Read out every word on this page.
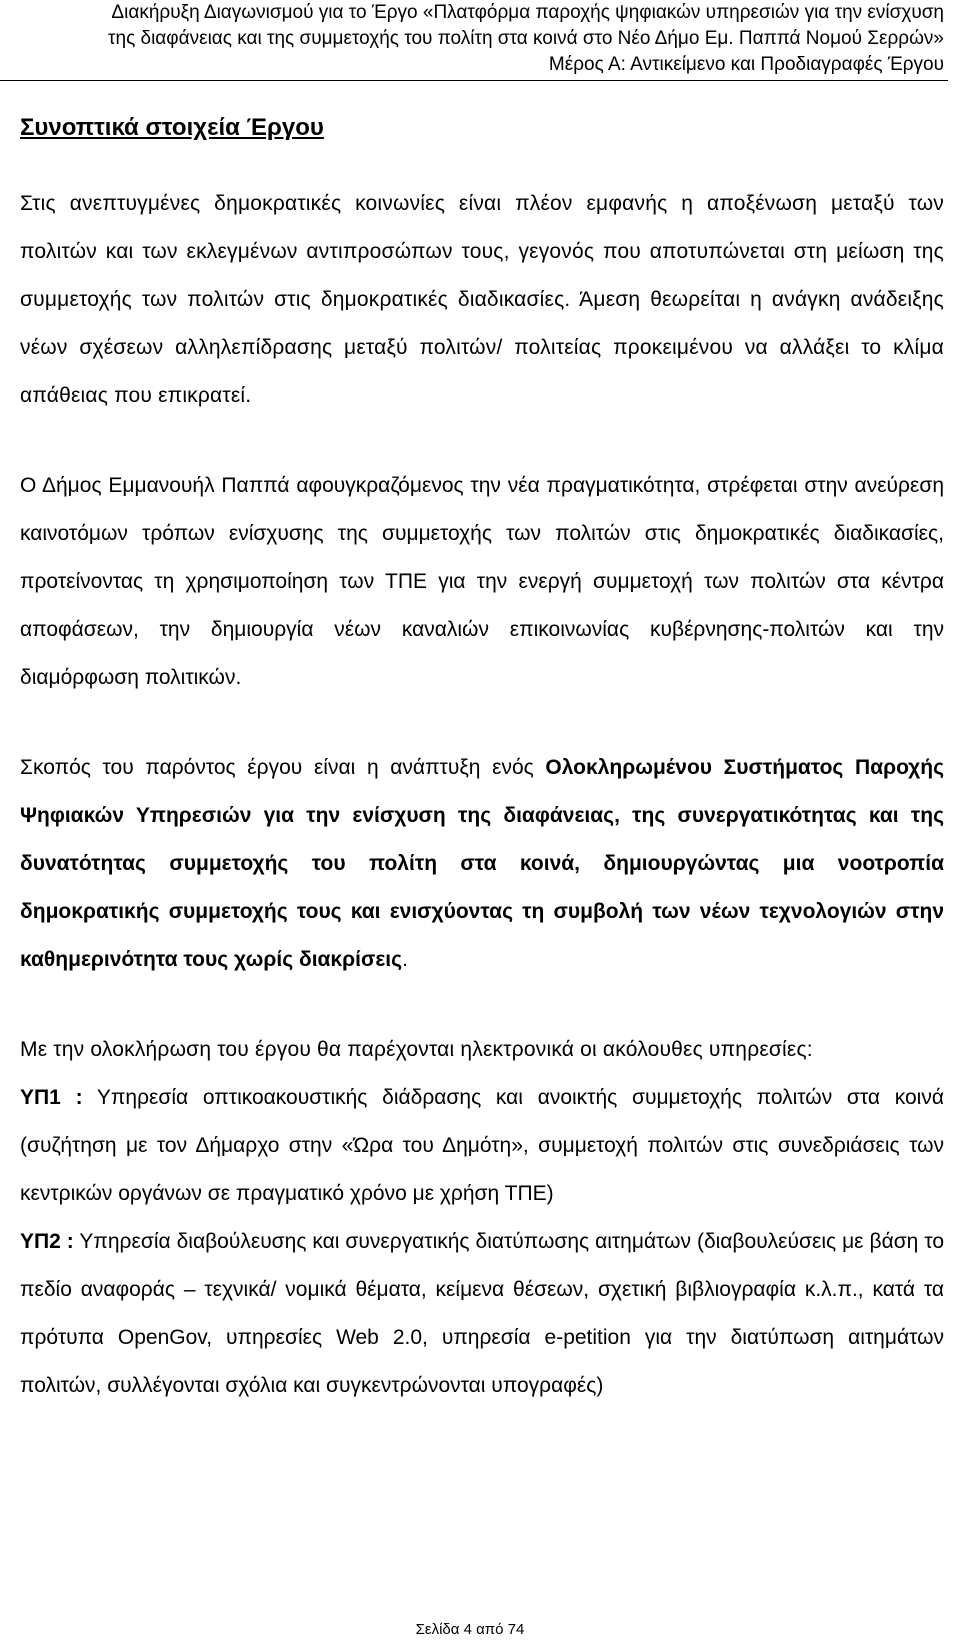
Διακήρυξη Διαγωνισμού για το Έργο «Πλατφόρμα παροχής ψηφιακών υπηρεσιών για την ενίσχυση
της διαφάνειας και της συμμετοχής του πολίτη στα κοινά στο Νέο Δήμο Εμ. Παππά Νομού Σερρών»
Μέρος Α: Αντικείμενο και Προδιαγραφές Έργου
Συνοπτικά στοιχεία Έργου

Στις ανεπτυγμένες δημοκρατικές κοινωνίες είναι πλέον εμφανής η αποξένωση μεταξύ των πολιτών και των εκλεγμένων αντιπροσώπων τους, γεγονός που αποτυπώνεται στη μείωση της συμμετοχής των πολιτών στις δημοκρατικές διαδικασίες. Άμεση θεωρείται η ανάγκη ανάδειξης νέων σχέσεων αλληλεπίδρασης μεταξύ πολιτών/ πολιτείας προκειμένου να αλλάξει το κλίμα απάθειας που επικρατεί.

Ο Δήμος Εμμανουήλ Παππά αφουγκραζόμενος την νέα πραγματικότητα, στρέφεται στην ανεύρεση καινοτόμων τρόπων ενίσχυσης της συμμετοχής των πολιτών στις δημοκρατικές διαδικασίες, προτείνοντας τη χρησιμοποίηση των ΤΠΕ για την ενεργή συμμετοχή των πολιτών στα κέντρα αποφάσεων, την δημιουργία νέων καναλιών επικοινωνίας κυβέρνησης-πολιτών και την διαμόρφωση πολιτικών.

Σκοπός του παρόντος έργου είναι η ανάπτυξη ενός Ολοκληρωμένου Συστήματος Παροχής Ψηφιακών Υπηρεσιών για την ενίσχυση της διαφάνειας, της συνεργατικότητας και της δυνατότητας συμμετοχής του πολίτη στα κοινά, δημιουργώντας μια νοοτροπία δημοκρατικής συμμετοχής τους και ενισχύοντας τη συμβολή των νέων τεχνολογιών στην καθημερινότητα τους χωρίς διακρίσεις.

Με την ολοκλήρωση του έργου θα παρέχονται ηλεκτρονικά οι ακόλουθες υπηρεσίες:

ΥΠ1 : Υπηρεσία οπτικοακουστικής διάδρασης και ανοικτής συμμετοχής πολιτών στα κοινά (συζήτηση με τον Δήμαρχο στην «Ώρα του Δημότη», συμμετοχή πολιτών στις συνεδριάσεις των κεντρικών οργάνων σε πραγματικό χρόνο με χρήση ΤΠΕ)

ΥΠ2 : Υπηρεσία διαβούλευσης και συνεργατικής διατύπωσης αιτημάτων (διαβουλεύσεις με βάση το πεδίο αναφοράς – τεχνικά/ νομικά θέματα, κείμενα θέσεων, σχετική βιβλιογραφία κ.λ.π., κατά τα πρότυπα OpenGov, υπηρεσίες Web 2.0, υπηρεσία e-petition για την διατύπωση αιτημάτων πολιτών, συλλέγονται σχόλια και συγκεντρώνονται υπογραφές)

Σελίδα 4 από 74
